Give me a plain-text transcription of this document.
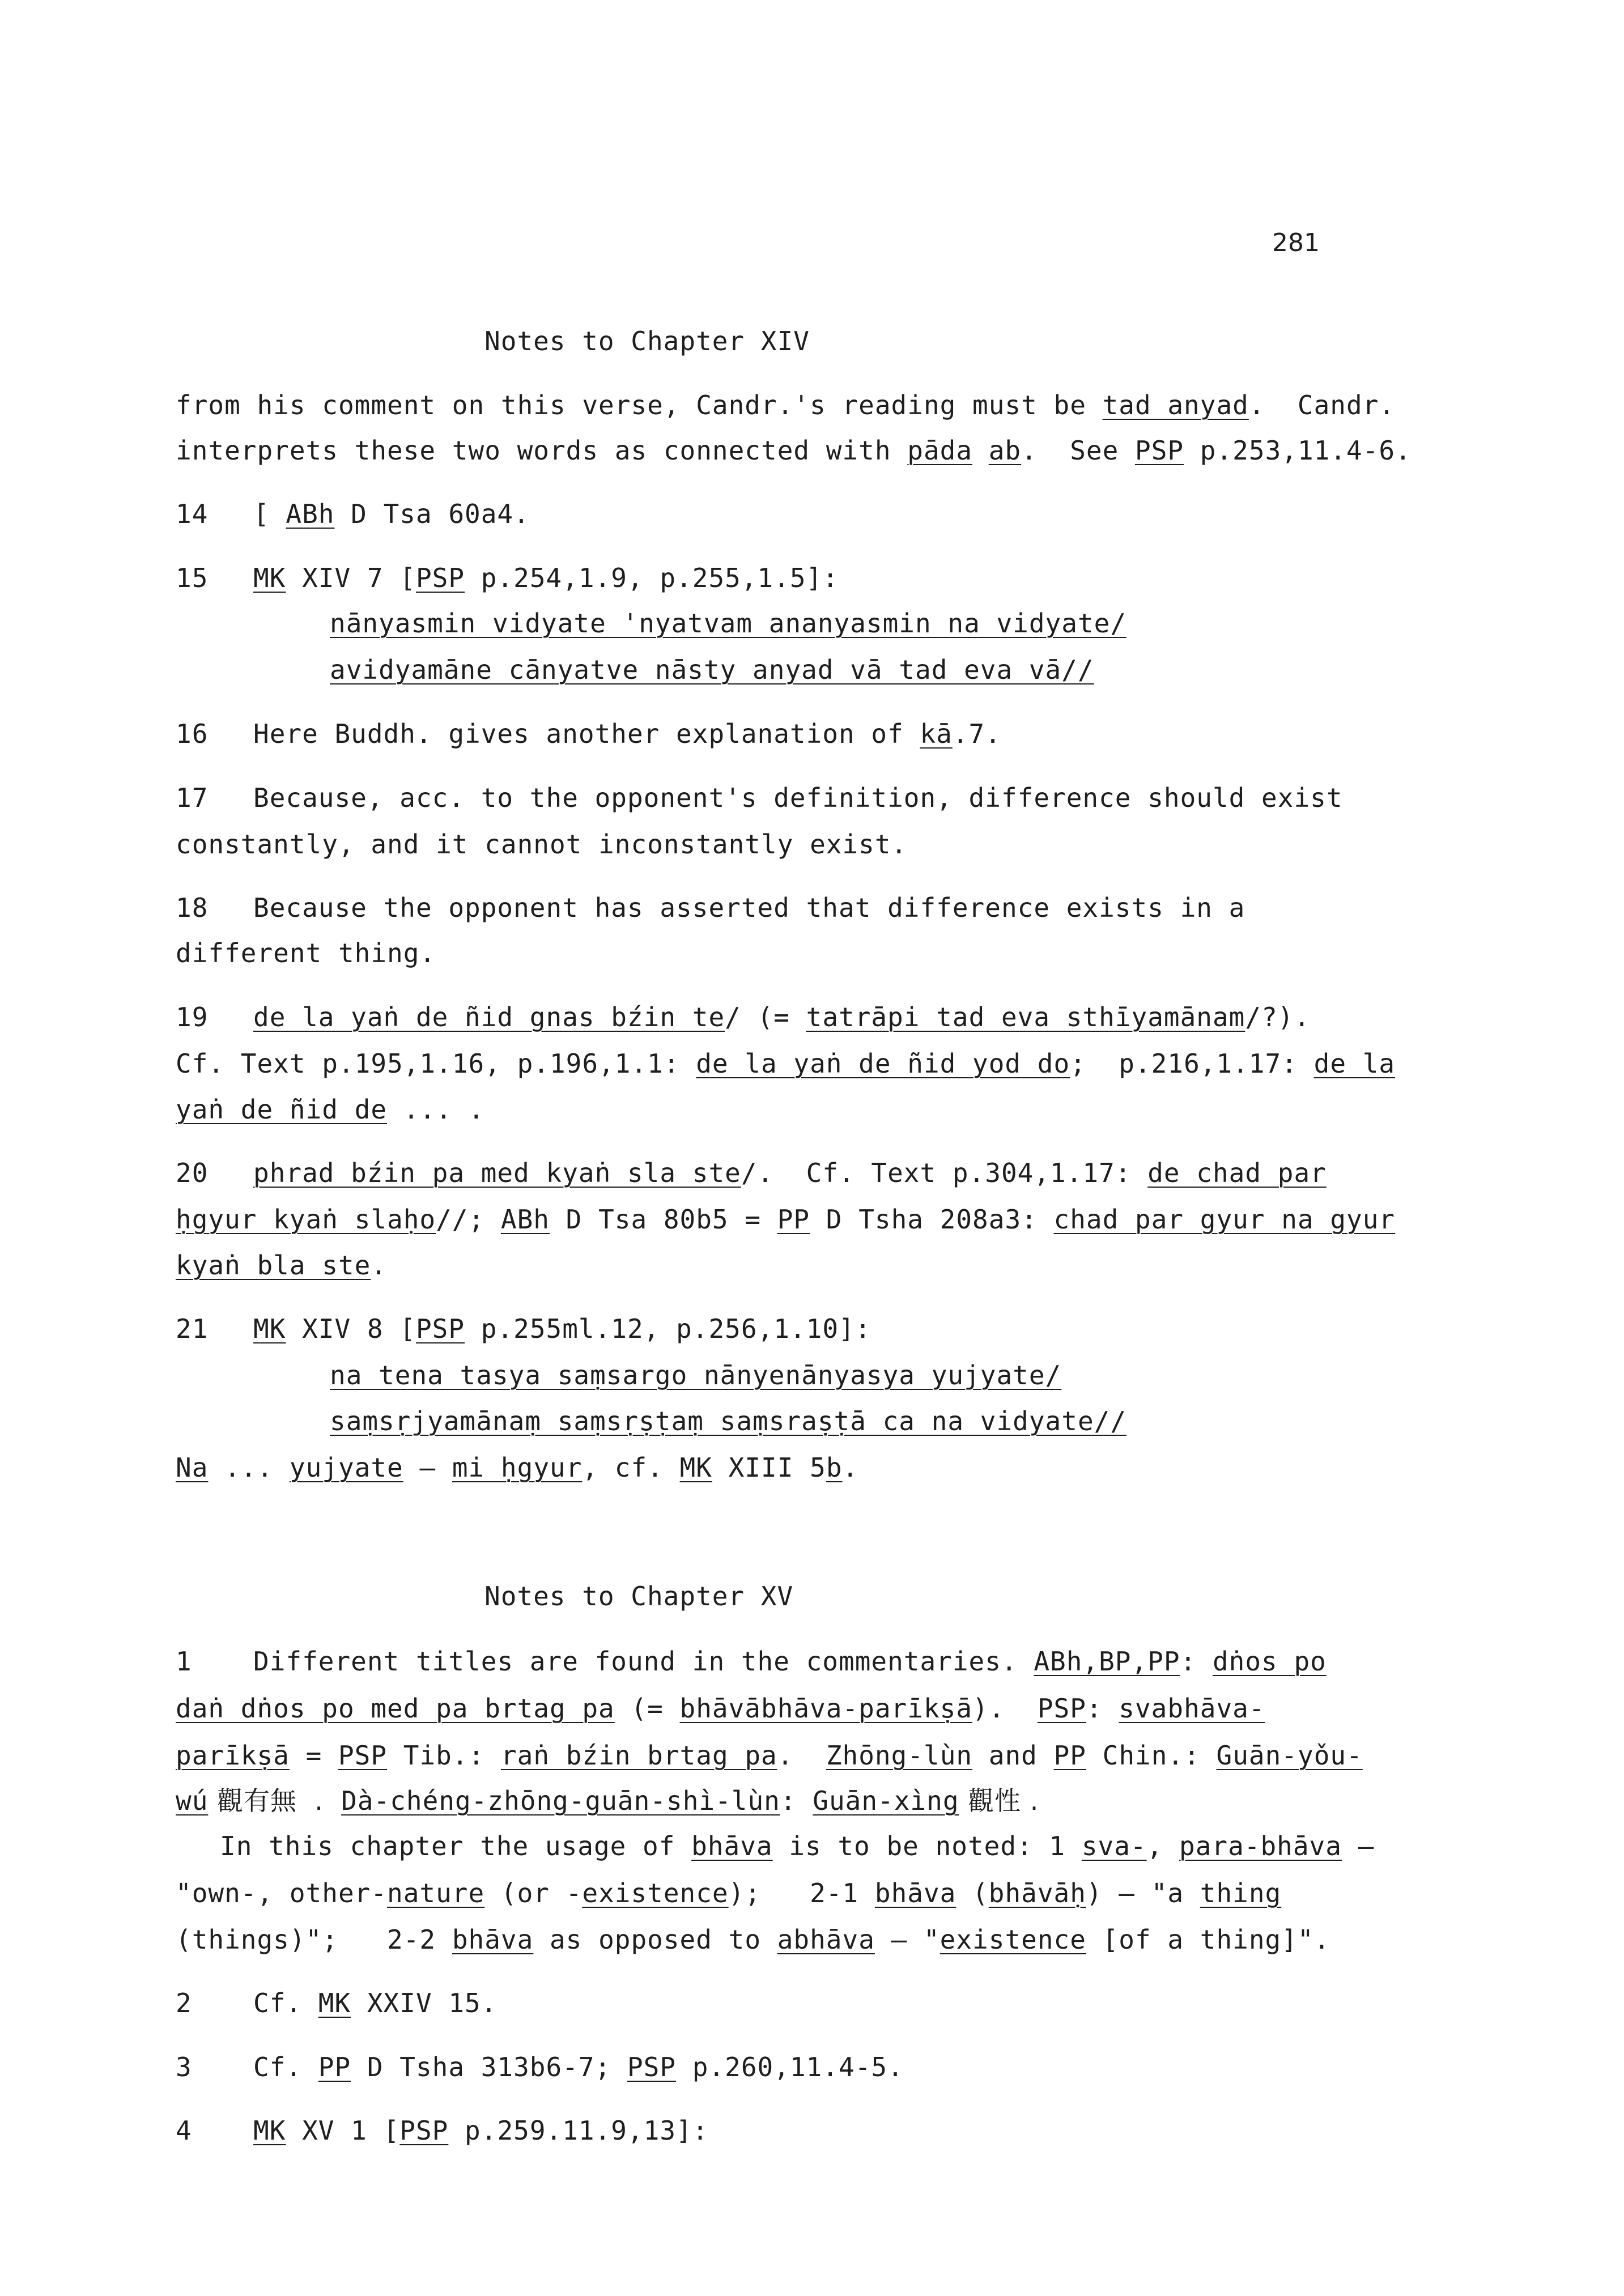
281
Notes to Chapter XIV
from his comment on this verse, Candr.'s reading must be tad anyad.  Candr.
interprets these two words as connected with pāda ab.  See PSP p.253,11.4-6.
14 [ ABh D Tsa 60a4.
15 MK XIV 7 [PSP p.254,1.9, p.255,1.5]:
nānyasmin vidyate 'nyatvam ananyasmin na vidyate/
avidyamāne cānyatve nāsty anyad vā tad eva vā//
16 Here Buddh. gives another explanation of kā.7.
17 Because, acc. to the opponent's definition, difference should exist
constantly, and it cannot inconstantly exist.
18 Because the opponent has asserted that difference exists in a
different thing.
19 de la yaṅ de ñid gnas bźin te/ (= tatrāpi tad eva sthīyamānam/?).
Cf. Text p.195,1.16, p.196,1.1: de la yaṅ de ñid yod do;  p.216,1.17: de la
yaṅ de ñid de ... .
20 phrad bźin pa med kyaṅ sla ste/.  Cf. Text p.304,1.17: de chad par
ḥgyur kyaṅ slaḥo//; ABh D Tsa 80b5 = PP D Tsha 208a3: chad par gyur na gyur
kyaṅ bla ste.
21 MK XIV 8 [PSP p.255ml.12, p.256,1.10]:
na tena tasya saṃsargo nānyenānyasya yujyate/
saṃsṛjyamānaṃ saṃsṛṣṭaṃ saṃsraṣṭā ca na vidyate//
Na ... yujyate — mi ḥgyur, cf. MK XIII 5b.
Notes to Chapter XV
1 Different titles are found in the commentaries. ABh,BP,PP: dṅos po
daṅ dṅos po med pa brtag pa (= bhāvābhāva-parīkṣā).  PSP: svabhāva-
parīkṣā = PSP Tib.: raṅ bźin brtag pa.  Zhōng-lùn and PP Chin.: Guān-yǒu-
wú 觀有無  .  Dà-chéng-zhōng-guān-shì-lùn: Guān-xìng 觀性 .
In this chapter the usage of bhāva is to be noted: 1 sva-, para-bhāva —
"own-, other-nature (or -existence);   2-1 bhāva (bhāvāḥ) — "a thing
(things)";   2-2 bhāva as opposed to abhāva — "existence [of a thing]".
2 Cf. MK XXIV 15.
3 Cf. PP D Tsha 313b6-7; PSP p.260,11.4-5.
4 MK XV 1 [PSP p.259.11.9,13]:
